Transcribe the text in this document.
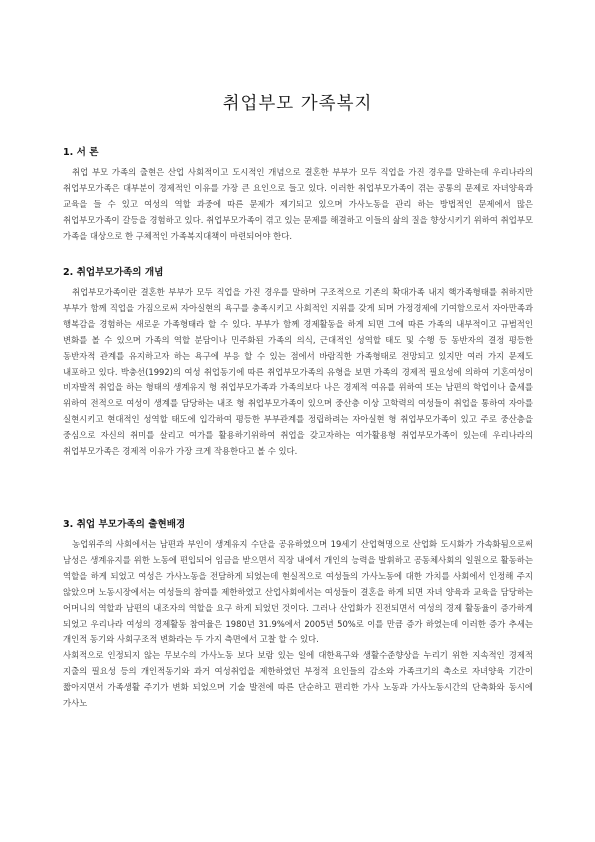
취업부모 가족복지
1. 서 론

취업 부모 가족의 출현은 산업 사회적이고 도시적인 개념으로 결혼한 부부가 모두 직업을 가진 경우를 말하는데 우리나라의 취업부모가족은 대부분이 경제적인 이유를 가장 큰 요인으로 들고 있다. 이러한 취업부모가족이 겪는 공통의 문제로 자녀양육과 교육을 들 수 있고 여성의 역할 과중에 따른 문제가 제기되고 있으며 가사노동을 관리 하는 방법적인 문제에서 많은 취업부모가족이 갈등을 경험하고 있다. 취업부모가족이 겪고 있는 문제를 해결하고 이들의 삶의 질을 향상시키기 위하여 취업부모 가족을 대상으로 한 구체적인 가족복지대책이 마련되어야 한다.

2. 취업부모가족의 개념

취업부모가족이란 결혼한 부부가 모두 직업을 가진 경우를 말하며 구조적으로 기존의 확대가족 내지 핵가족형태를 취하지만 부부가 함께 직업을 가짐으로써 자아실현의 욕구를 충족시키고 사회적인 지위를 갖게 되며 가정경제에 기여함으로서 자아만족과 행복감을 경험하는 새로운 가족형태라 할 수 있다. 부부가 함께 경제활동을 하게 되면 그에 따른 가족의 내부적이고 규범적인 변화를 볼 수 있으며 가족의 역할 분담이나 민주화된 가족의 의식, 근대적인 성역할 태도 및 수행 등 동반자의 결정 평등한 동반자적 관계를 유지하고자 하는 욕구에 부응 할 수 있는 점에서 바람직한 가족형태로 전망되고 있지만 여러 가지 문제도 내포하고 있다. 박충선(1992)의 여성 취업동기에 따른 취업부모가족의 유형을 보면 가족의 경제적 필요성에 의하여 기혼여성이 비자발적 취업을 하는 형태의 생계유지 형 취업부모가족과 가족의보다 나은 경제적 여유를 위하여 또는 남편의 학업이나 출세를 위하여 전적으로 여성이 생계를 담당하는 내조 형 취업부모가족이 있으며 중산층 이상 고학력의 여성들이 취업을 통하여 자아를 실현시키고 현대적인 성역할 태도에 입각하여 평등한 부부관계를 정립하려는 자아실현 형 취업부모가족이 있고 주로 중산층을 중심으로 자신의 취미를 살리고 여가를 활용하기위하여 취업을 갖고자하는 여가활용형 취업부모가족이 있는데 우리나라의 취업부모가족은 경제적 이유가 가장 크게 작용한다고 볼 수 있다.

3. 취업 부모가족의 출현배경

농업위주의 사회에서는 남편과 부인이 생계유지 수단을 공유하였으며 19세기 산업혁명으로 산업화 도시화가 가속화됨으로써 남성은 생계유지를 위한 노동에 편입되어 임금을 받으면서 직장 내에서 개인의 능력을 발휘하고 공동체사회의 일원으로 활동하는 역할을 하게 되었고 여성은 가사노동을 전담하게 되었는데 현실적으로 여성들의 가사노동에 대한 가치를 사회에서 인정해 주지 않았으며 노동시장에서는 여성들의 참여를 제한하였고 산업사회에서는 여성들이 결혼을 하게 되면 자녀 양육과 교육을 담당하는 어머니의 역할과 남편의 내조자의 역할을 요구 하게 되었던 것이다. 그러나 산업화가 진전되면서 여성의 경제 활동율이 증가하게 되었고 우리나라 여성의 경제활동 참여율은 1980년 31.9%에서 2005년 50%로 이를 만큼 증가 하였는데 이러한 증가 추세는 개인적 동기와 사회구조적 변화라는 두 가지 측면에서 고찰 할 수 있다.

사회적으로 인정되지 않는 무보수의 가사노동 보다 보람 있는 일에 대한욕구와 생활수준향상을 누리기 위한 지속적인 경제적 지출의 필요성 등의 개인적동기와 과거 여성취업을 제한하였던 부정적 요인들의 감소와 가족크기의 축소로 자녀양육 기간이 짧아지면서 가족생활 주기가 변화 되었으며 기술 발전에 따른 단순하고 편리한 가사 노동과 가사노동시간의 단축화와 동시에 가사노
